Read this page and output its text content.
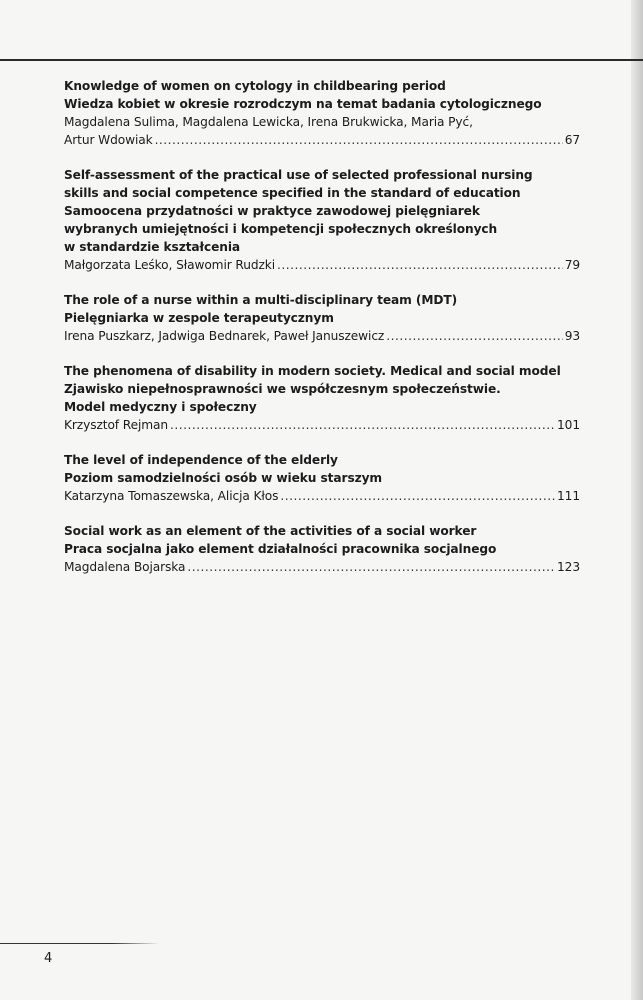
Knowledge of women on cytology in childbearing period
Wiedza kobiet w okresie rozrodczym na temat badania cytologicznego
Magdalena Sulima, Magdalena Lewicka, Irena Brukwicka, Maria Pyć,
Artur Wdowiak .....	67
Self-assessment of the practical use of selected professional nursing
skills and social competence specified in the standard of education
Samoocena przydatności w praktyce zawodowej pielęgniarek
wybranych umiejętności i kompetencji społecznych określonych
w standardzie kształcenia
Małgorzata Leśko, Sławomir Rudzki .....	79
The role of a nurse within a multi-disciplinary team (MDT)
Pielęgniarka w zespole terapeutycznym
Irena Puszkarz, Jadwiga Bednarek, Paweł Januszewicz .....	93
The phenomena of disability in modern society. Medical and social model
Zjawisko niepełnosprawności we współczesnym społeczeństwie.
Model medyczny i społeczny
Krzysztof Rejman .....	101
The level of independence of the elderly
Poziom samodzielności osób w wieku starszym
Katarzyna Tomaszewska, Alicja Kłos .....	111
Social work as an element of the activities of a social worker
Praca socjalna jako element działalności pracownika socjalnego
Magdalena Bojarska .....	123
4
